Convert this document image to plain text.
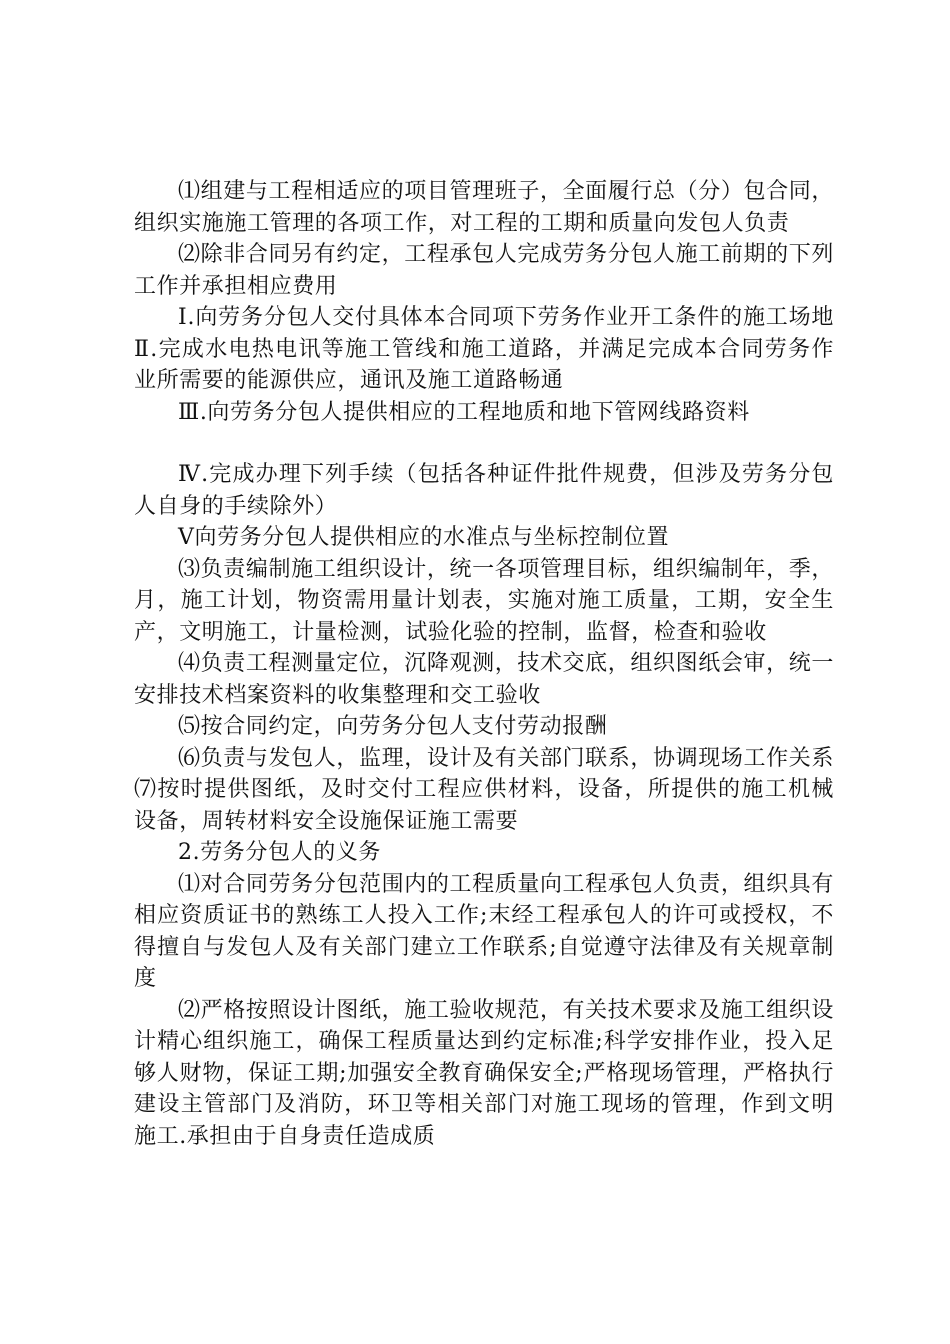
⑴组建与工程相适应的项目管理班子，全面履行总（分）包合同，组织实施施工管理的各项工作，对工程的工期和质量向发包人负责

⑵除非合同另有约定，工程承包人完成劳务分包人施工前期的下列工作并承担相应费用

Ⅰ.向劳务分包人交付具体本合同项下劳务作业开工条件的施工场地Ⅱ.完成水电热电讯等施工管线和施工道路，并满足完成本合同劳务作业所需要的能源供应，通讯及施工道路畅通

Ⅲ.向劳务分包人提供相应的工程地质和地下管网线路资料

Ⅳ.完成办理下列手续（包括各种证件批件规费，但涉及劳务分包人自身的手续除外）

Ⅴ向劳务分包人提供相应的水准点与坐标控制位置

⑶负责编制施工组织设计，统一各项管理目标，组织编制年，季，月，施工计划，物资需用量计划表，实施对施工质量，工期，安全生产，文明施工，计量检测，试验化验的控制，监督，检查和验收

⑷负责工程测量定位，沉降观测，技术交底，组织图纸会审，统一安排技术档案资料的收集整理和交工验收

⑸按合同约定，向劳务分包人支付劳动报酬

⑹负责与发包人，监理，设计及有关部门联系，协调现场工作关系⑺按时提供图纸，及时交付工程应供材料，设备，所提供的施工机械设备，周转材料安全设施保证施工需要

2.劳务分包人的义务

⑴对合同劳务分包范围内的工程质量向工程承包人负责，组织具有相应资质证书的熟练工人投入工作;末经工程承包人的许可或授权，不得擅自与发包人及有关部门建立工作联系;自觉遵守法律及有关规章制度

⑵严格按照设计图纸，施工验收规范，有关技术要求及施工组织设计精心组织施工，确保工程质量达到约定标准;科学安排作业，投入足够人财物，保证工期;加强安全教育确保安全;严格现场管理，严格执行建设主管部门及消防，环卫等相关部门对施工现场的管理，作到文明施工.承担由于自身责任造成质
